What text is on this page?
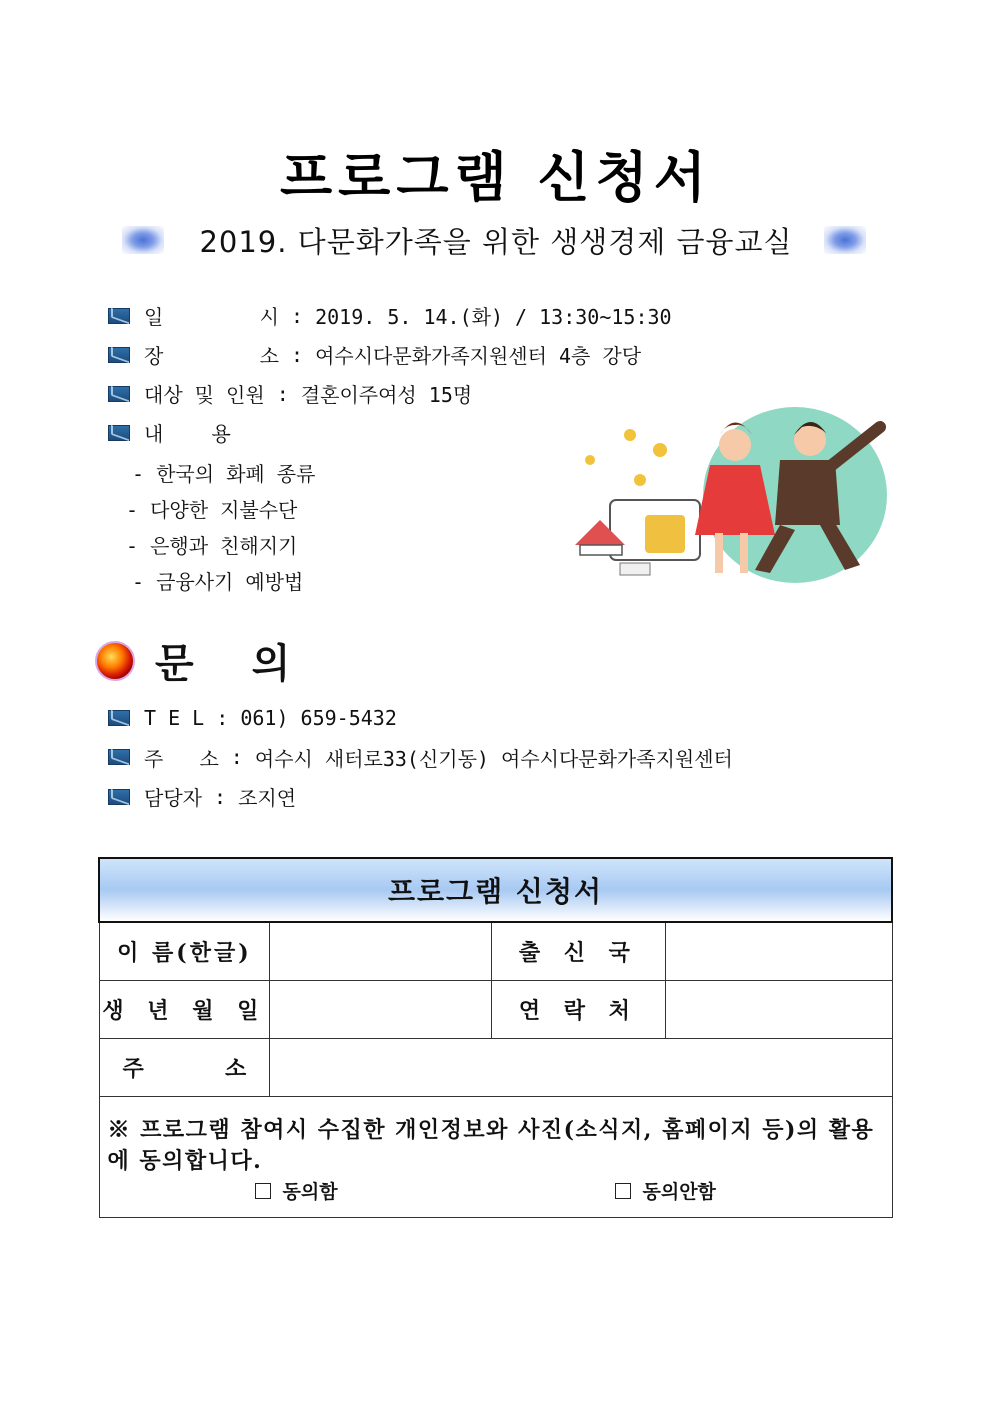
프로그램 신청서
2019. 다문화가족을 위한 생생경제 금융교실
일        시 : 2019. 5. 14.(화) / 13:30~15:30
장        소 : 여수시다문화가족지원센터 4층 강당
대상 및 인원 : 결혼이주여성 15명
내    용
- 한국의 화폐 종류
- 다양한 지불수단
- 은행과 친해지기
- 금융사기 예방법
문 의
T E L : 061) 659-5432
주   소 : 여수시 새터로33(신기동) 여수시다문화가족지원센터
담당자 : 조지연
프로그램 신청서			
이 름(한글)		출 신 국	
생 년 월 일		연 락 처	

주 소			

※ 프로그램 참여시 수집한 개인정보와 사진(소식지, 홈페이지 등)의 활용에 동의합니다.
동의함 동의안함			
